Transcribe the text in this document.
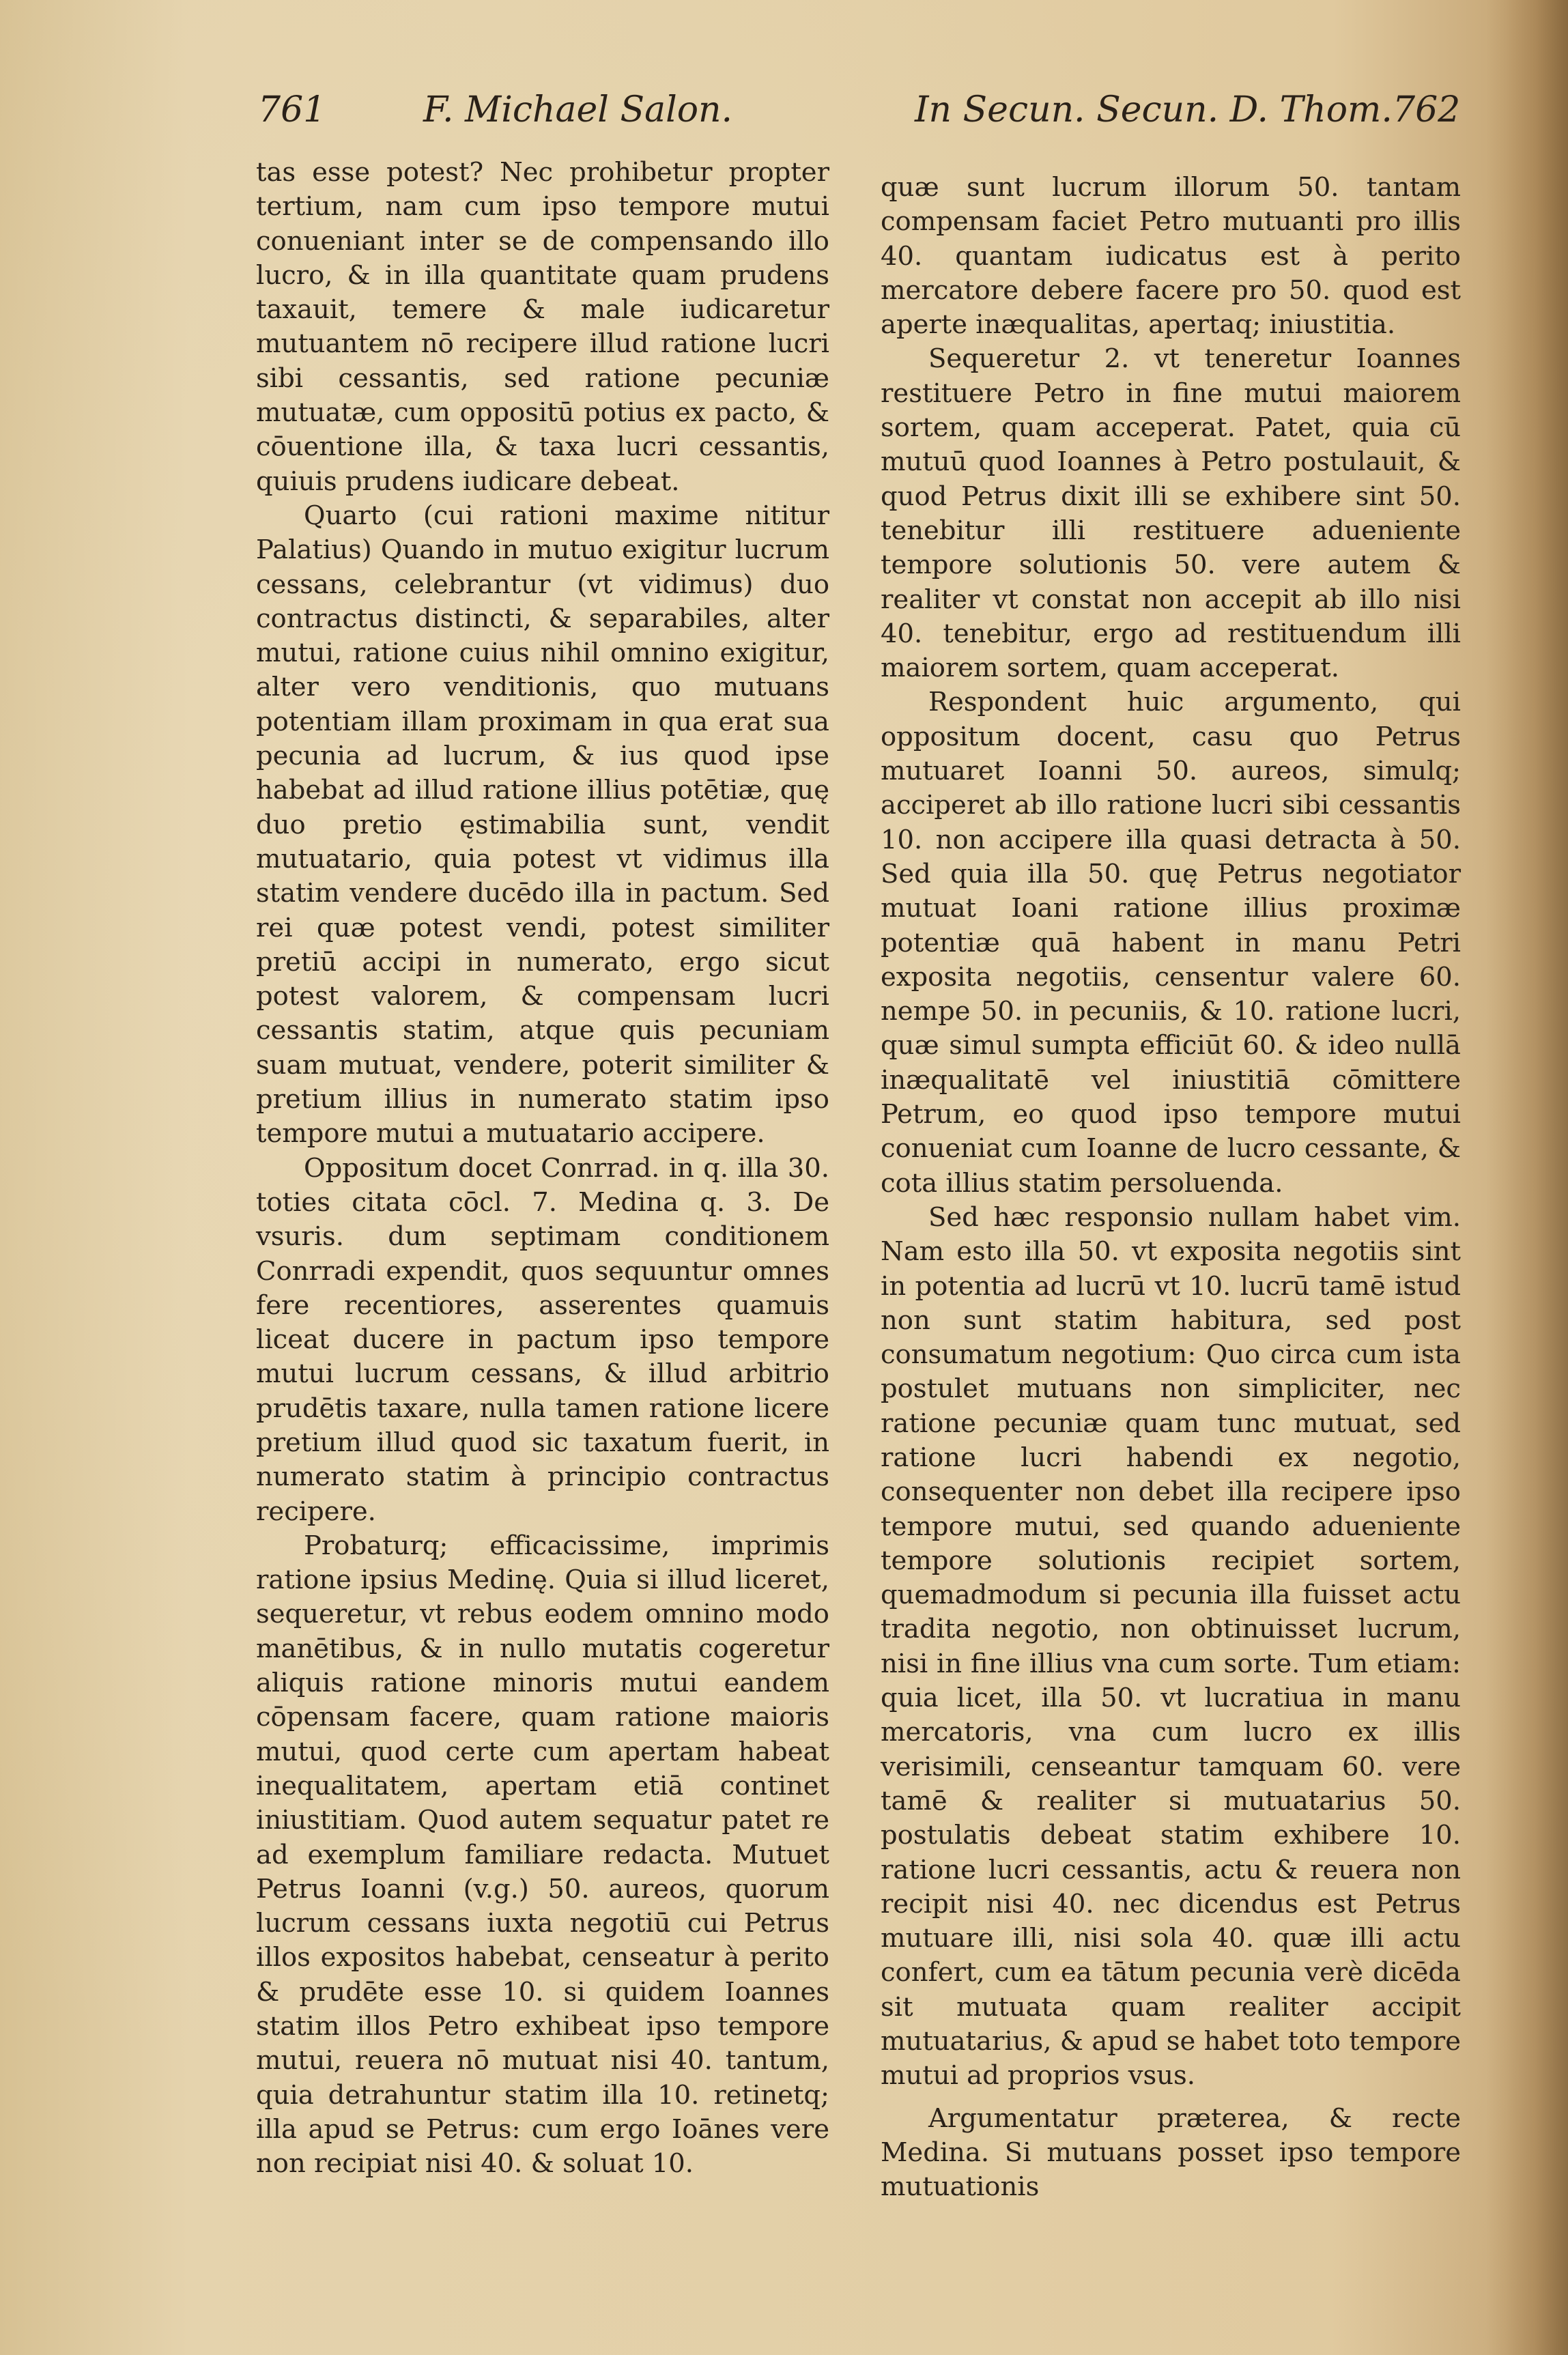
761	F. Michael Salon.	In Secun. Secun. D. Thom. 762

tas esse potest? Nec prohibetur propter tertium, nam cum ipso tempore mutui conueniant inter se de compensando illo lucro, & in illa quantitate quam prudens taxauit, temere & male iudicaretur mutuantem nō recipere illud ratione lucri sibi cessantis, sed ratione pecuniæ mutuatæ, cum oppositū potius ex pacto, & cōuentione illa, & taxa lucri cessantis, quiuis prudens iudicare debeat.

Quarto (cui rationi maxime nititur Palatius) Quando in mutuo exigitur lucrum cessans, celebrantur (vt vidimus) duo contractus distincti, & separabiles, alter mutui, ratione cuius nihil omnino exigitur, alter vero venditionis, quo mutuans potentiam illam proximam in qua erat sua pecunia ad lucrum, & ius quod ipse habebat ad illud ratione illius potētiæ, quę duo pretio ęstimabilia sunt, vendit mutuatario, quia potest vt vidimus illa statim vendere ducēdo illa in pactum. Sed rei quæ potest vendi, potest similiter pretiū accipi in numerato, ergo sicut potest valorem, & compensam lucri cessantis statim, atque quis pecuniam suam mutuat, vendere, poterit similiter & pretium illius in numerato statim ipso tempore mutui a mutuatario accipere.

Oppositum docet Conrrad. in q. illa 30. toties citata cōcl. 7. Medina q. 3. De vsuris. dum septimam conditionem Conrradi expendit, quos sequuntur omnes fere recentiores, asserentes quamuis liceat ducere in pactum ipso tempore mutui lucrum cessans, & illud arbitrio prudētis taxare, nulla tamen ratione licere pretium illud quod sic taxatum fuerit, in numerato statim à principio contractus recipere.

Probaturq; efficacissime, imprimis ratione ipsius Medinę. Quia si illud liceret, sequeretur, vt rebus eodem omnino modo manētibus, & in nullo mutatis cogeretur aliquis ratione minoris mutui eandem cōpensam facere, quam ratione maioris mutui, quod certe cum apertam habeat inequalitatem, apertam etiā continet iniustitiam. Quod autem sequatur patet re ad exemplum familiare redacta. Mutuet Petrus Ioanni (v.g.) 50. aureos, quorum lucrum cessans iuxta negotiū cui Petrus illos expositos habebat, censeatur à perito & prudēte esse 10. si quidem Ioannes statim illos Petro exhibeat ipso tempore mutui, reuera nō mutuat nisi 40. tantum, quia detrahuntur statim illa 10. retinetq; illa apud se Petrus: cum ergo Ioānes vere non recipiat nisi 40. & soluat 10.

quæ sunt lucrum illorum 50. tantam compensam faciet Petro mutuanti pro illis 40. quantam iudicatus est à perito mercatore debere facere pro 50. quod est aperte inæqualitas, apertaq; iniustitia.

Sequeretur 2. vt teneretur Ioannes restituere Petro in fine mutui maiorem sortem, quam acceperat. Patet, quia cū mutuū quod Ioannes à Petro postulauit, & quod Petrus dixit illi se exhibere sint 50. tenebitur illi restituere adueniente tempore solutionis 50. vere autem & realiter vt constat non accepit ab illo nisi 40. tenebitur, ergo ad restituendum illi maiorem sortem, quam acceperat.

Respondent huic argumento, qui oppositum docent, casu quo Petrus mutuaret Ioanni 50. aureos, simulq; acciperet ab illo ratione lucri sibi cessantis 10. non accipere illa quasi detracta à 50. Sed quia illa 50. quę Petrus negotiator mutuat Ioani ratione illius proximæ potentiæ quā habent in manu Petri exposita negotiis, censentur valere 60. nempe 50. in pecuniis, & 10. ratione lucri, quæ simul sumpta efficiūt 60. & ideo nullā inæqualitatē vel iniustitiā cōmittere Petrum, eo quod ipso tempore mutui conueniat cum Ioanne de lucro cessante, & cota illius statim persoluenda.

Sed hæc responsio nullam habet vim. Nam esto illa 50. vt exposita negotiis sint in potentia ad lucrū vt 10. lucrū tamē istud non sunt statim habitura, sed post consumatum negotium: Quo circa cum ista postulet mutuans non simpliciter, nec ratione pecuniæ quam tunc mutuat, sed ratione lucri habendi ex negotio, consequenter non debet illa recipere ipso tempore mutui, sed quando adueniente tempore solutionis recipiet sortem, quemadmodum si pecunia illa fuisset actu tradita negotio, non obtinuisset lucrum, nisi in fine illius vna cum sorte. Tum etiam: quia licet, illa 50. vt lucratiua in manu mercatoris, vna cum lucro ex illis verisimili, censeantur tamquam 60. vere tamē & realiter si mutuatarius 50. postulatis debeat statim exhibere 10. ratione lucri cessantis, actu & reuera non recipit nisi 40. nec dicendus est Petrus mutuare illi, nisi sola 40. quæ illi actu confert, cum ea tātum pecunia verè dicēda sit mutuata quam realiter accipit mutuatarius, & apud se habet toto tempore mutui ad proprios vsus.

Argumentatur præterea, & recte Medina. Si mutuans posset ipso tempore mutuationis
